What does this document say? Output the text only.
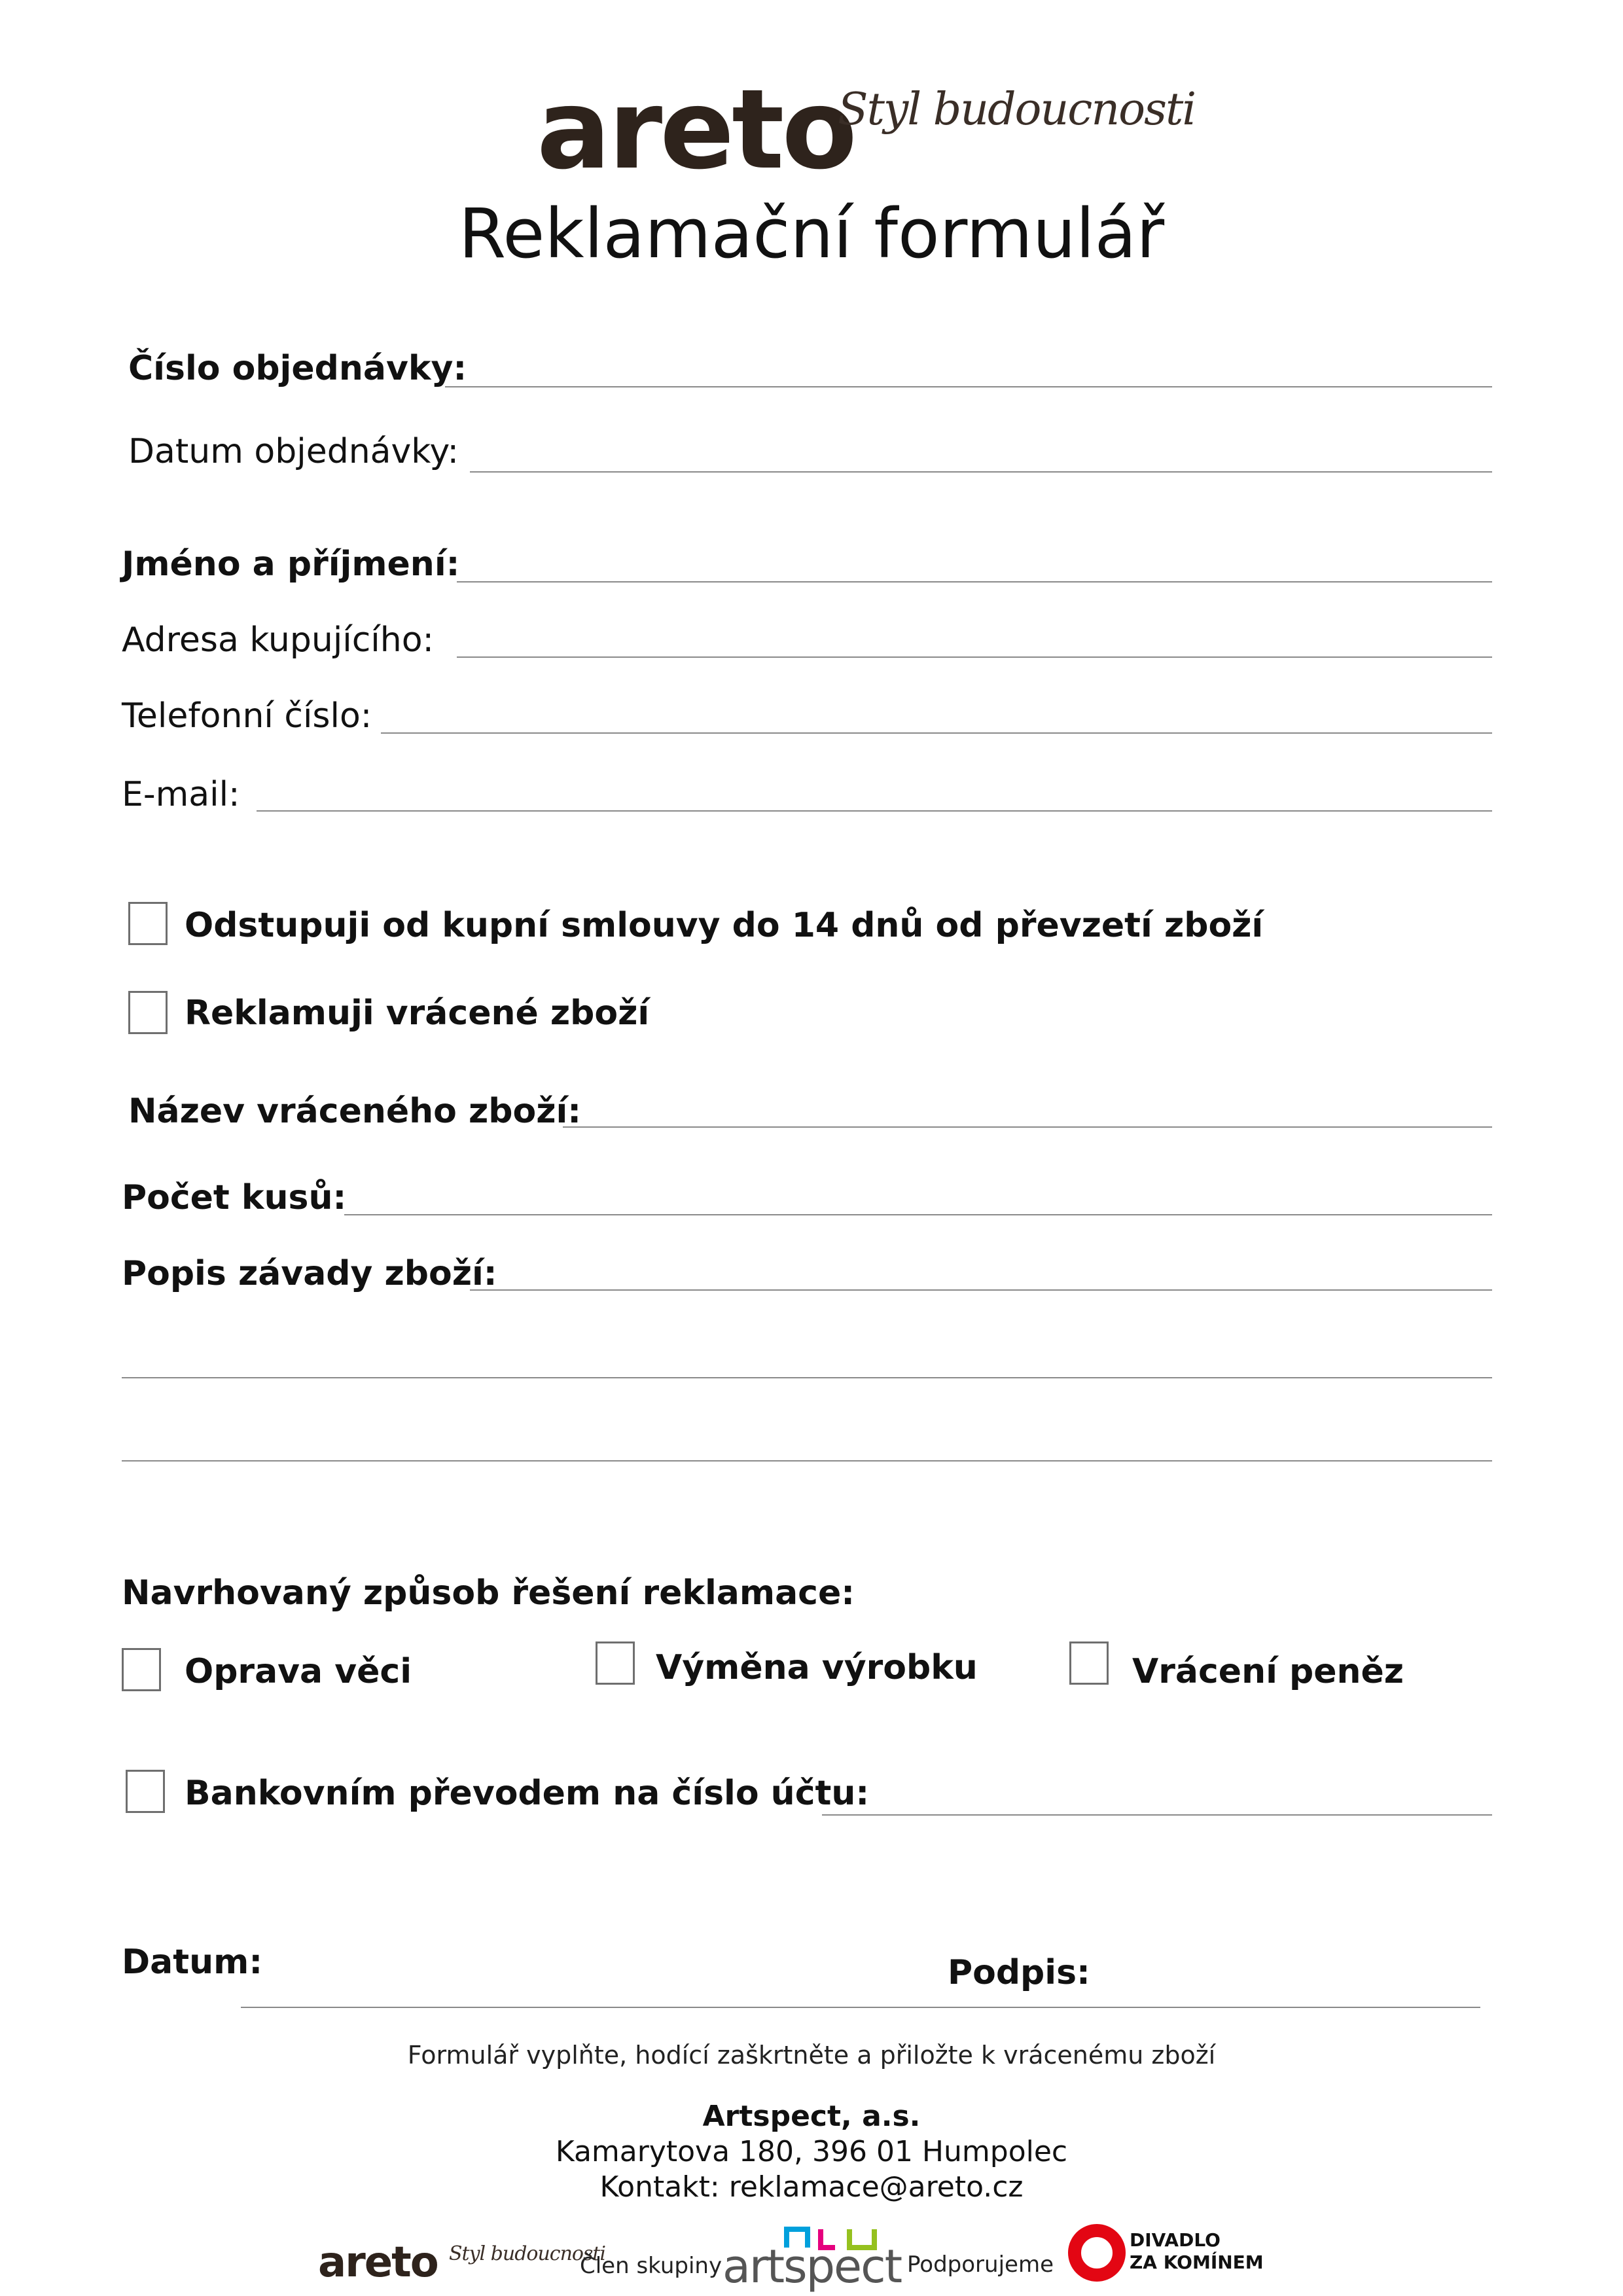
areto
Styl budoucnosti
Reklamační formulář
Číslo objednávky:
Datum objednávky:
Jméno a příjmení:
Adresa kupujícího:
Telefonní číslo:
E-mail:
Odstupuji od kupní smlouvy do 14 dnů od převzetí zboží
Reklamuji vrácené zboží
Název vráceného zboží:
Počet kusů:
Popis závady zboží:
Navrhovaný způsob řešení reklamace:
Oprava věci	Výměna výrobku	Vrácení peněz
Bankovním převodem na číslo účtu:
Datum:	Podpis:
Formulář vyplňte, hodící zaškrtněte a přiložte k vrácenému zboží
Artspect, a.s.
Kamarytova 180, 396 01 Humpolec
Kontakt: reklamace@areto.cz
areto Styl budoucnosti
Člen skupiny artspect Podporujeme
DIVADLO
ZA KOMÍNEM
